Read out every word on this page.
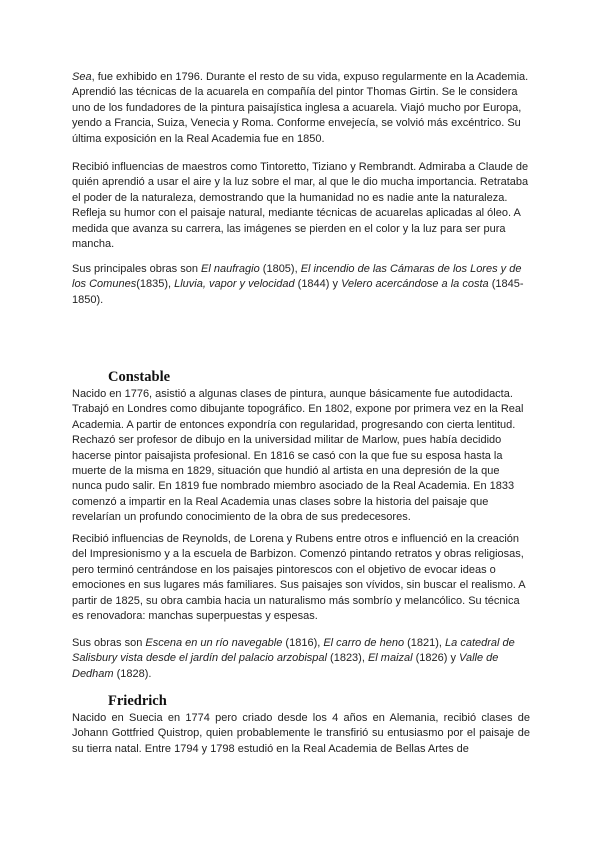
Sea, fue exhibido en 1796. Durante el resto de su vida, expuso regularmente en la Academia. Aprendió las técnicas de la acuarela en compañía del pintor Thomas Girtin. Se le considera uno de los fundadores de la pintura paisajística inglesa a acuarela. Viajó mucho por Europa, yendo a Francia, Suiza, Venecia y Roma. Conforme envejecía, se volvió más excéntrico. Su última exposición en la Real Academia fue en 1850.

Recibió influencias de maestros como Tintoretto, Tiziano y Rembrandt. Admiraba a Claude de quién aprendió a usar el aire y la luz sobre el mar, al que le dio mucha importancia. Retrataba el poder de la naturaleza, demostrando que la humanidad no es nadie ante la naturaleza. Refleja su humor con el paisaje natural, mediante técnicas de acuarelas aplicadas al óleo. A medida que avanza su carrera, las imágenes se pierden en el color y la luz para ser pura mancha.

Sus principales obras son El naufragio (1805), El incendio de las Cámaras de los Lores y de los Comunes(1835), Lluvia, vapor y velocidad (1844) y Velero acercándose a la costa (1845-1850).

Constable

Nacido en 1776, asistió a algunas clases de pintura, aunque básicamente fue autodidacta. Trabajó en Londres como dibujante topográfico. En 1802, expone por primera vez en la Real Academia. A partir de entonces expondría con regularidad, progresando con cierta lentitud. Rechazó ser profesor de dibujo en la universidad militar de Marlow, pues había decidido hacerse pintor paisajista profesional. En 1816 se casó con la que fue su esposa hasta la muerte de la misma en 1829, situación que hundió al artista en una depresión de la que nunca pudo salir. En 1819 fue nombrado miembro asociado de la Real Academia. En 1833 comenzó a impartir en la Real Academia unas clases sobre la historia del paisaje que revelarían un profundo conocimiento de la obra de sus predecesores.

Recibió influencias de Reynolds, de Lorena y Rubens entre otros e influenció en la creación del Impresionismo y a la escuela de Barbizon. Comenzó pintando retratos y obras religiosas, pero terminó centrándose en los paisajes pintorescos con el objetivo de evocar ideas o emociones en sus lugares más familiares. Sus paisajes son vívidos, sin buscar el realismo. A partir de 1825, su obra cambia hacia un naturalismo más sombrío y melancólico. Su técnica es renovadora: manchas superpuestas y espesas.

Sus obras son Escena en un río navegable (1816), El carro de heno (1821), La catedral de Salisbury vista desde el jardín del palacio arzobispal (1823), El maizal (1826) y Valle de Dedham (1828).

Friedrich

Nacido en Suecia en 1774 pero criado desde los 4 años en Alemania, recibió clases de Johann Gottfried Quistrop, quien probablemente le transfirió su entusiasmo por el paisaje de su tierra natal. Entre 1794 y 1798 estudió en la Real Academia de Bellas Artes de
